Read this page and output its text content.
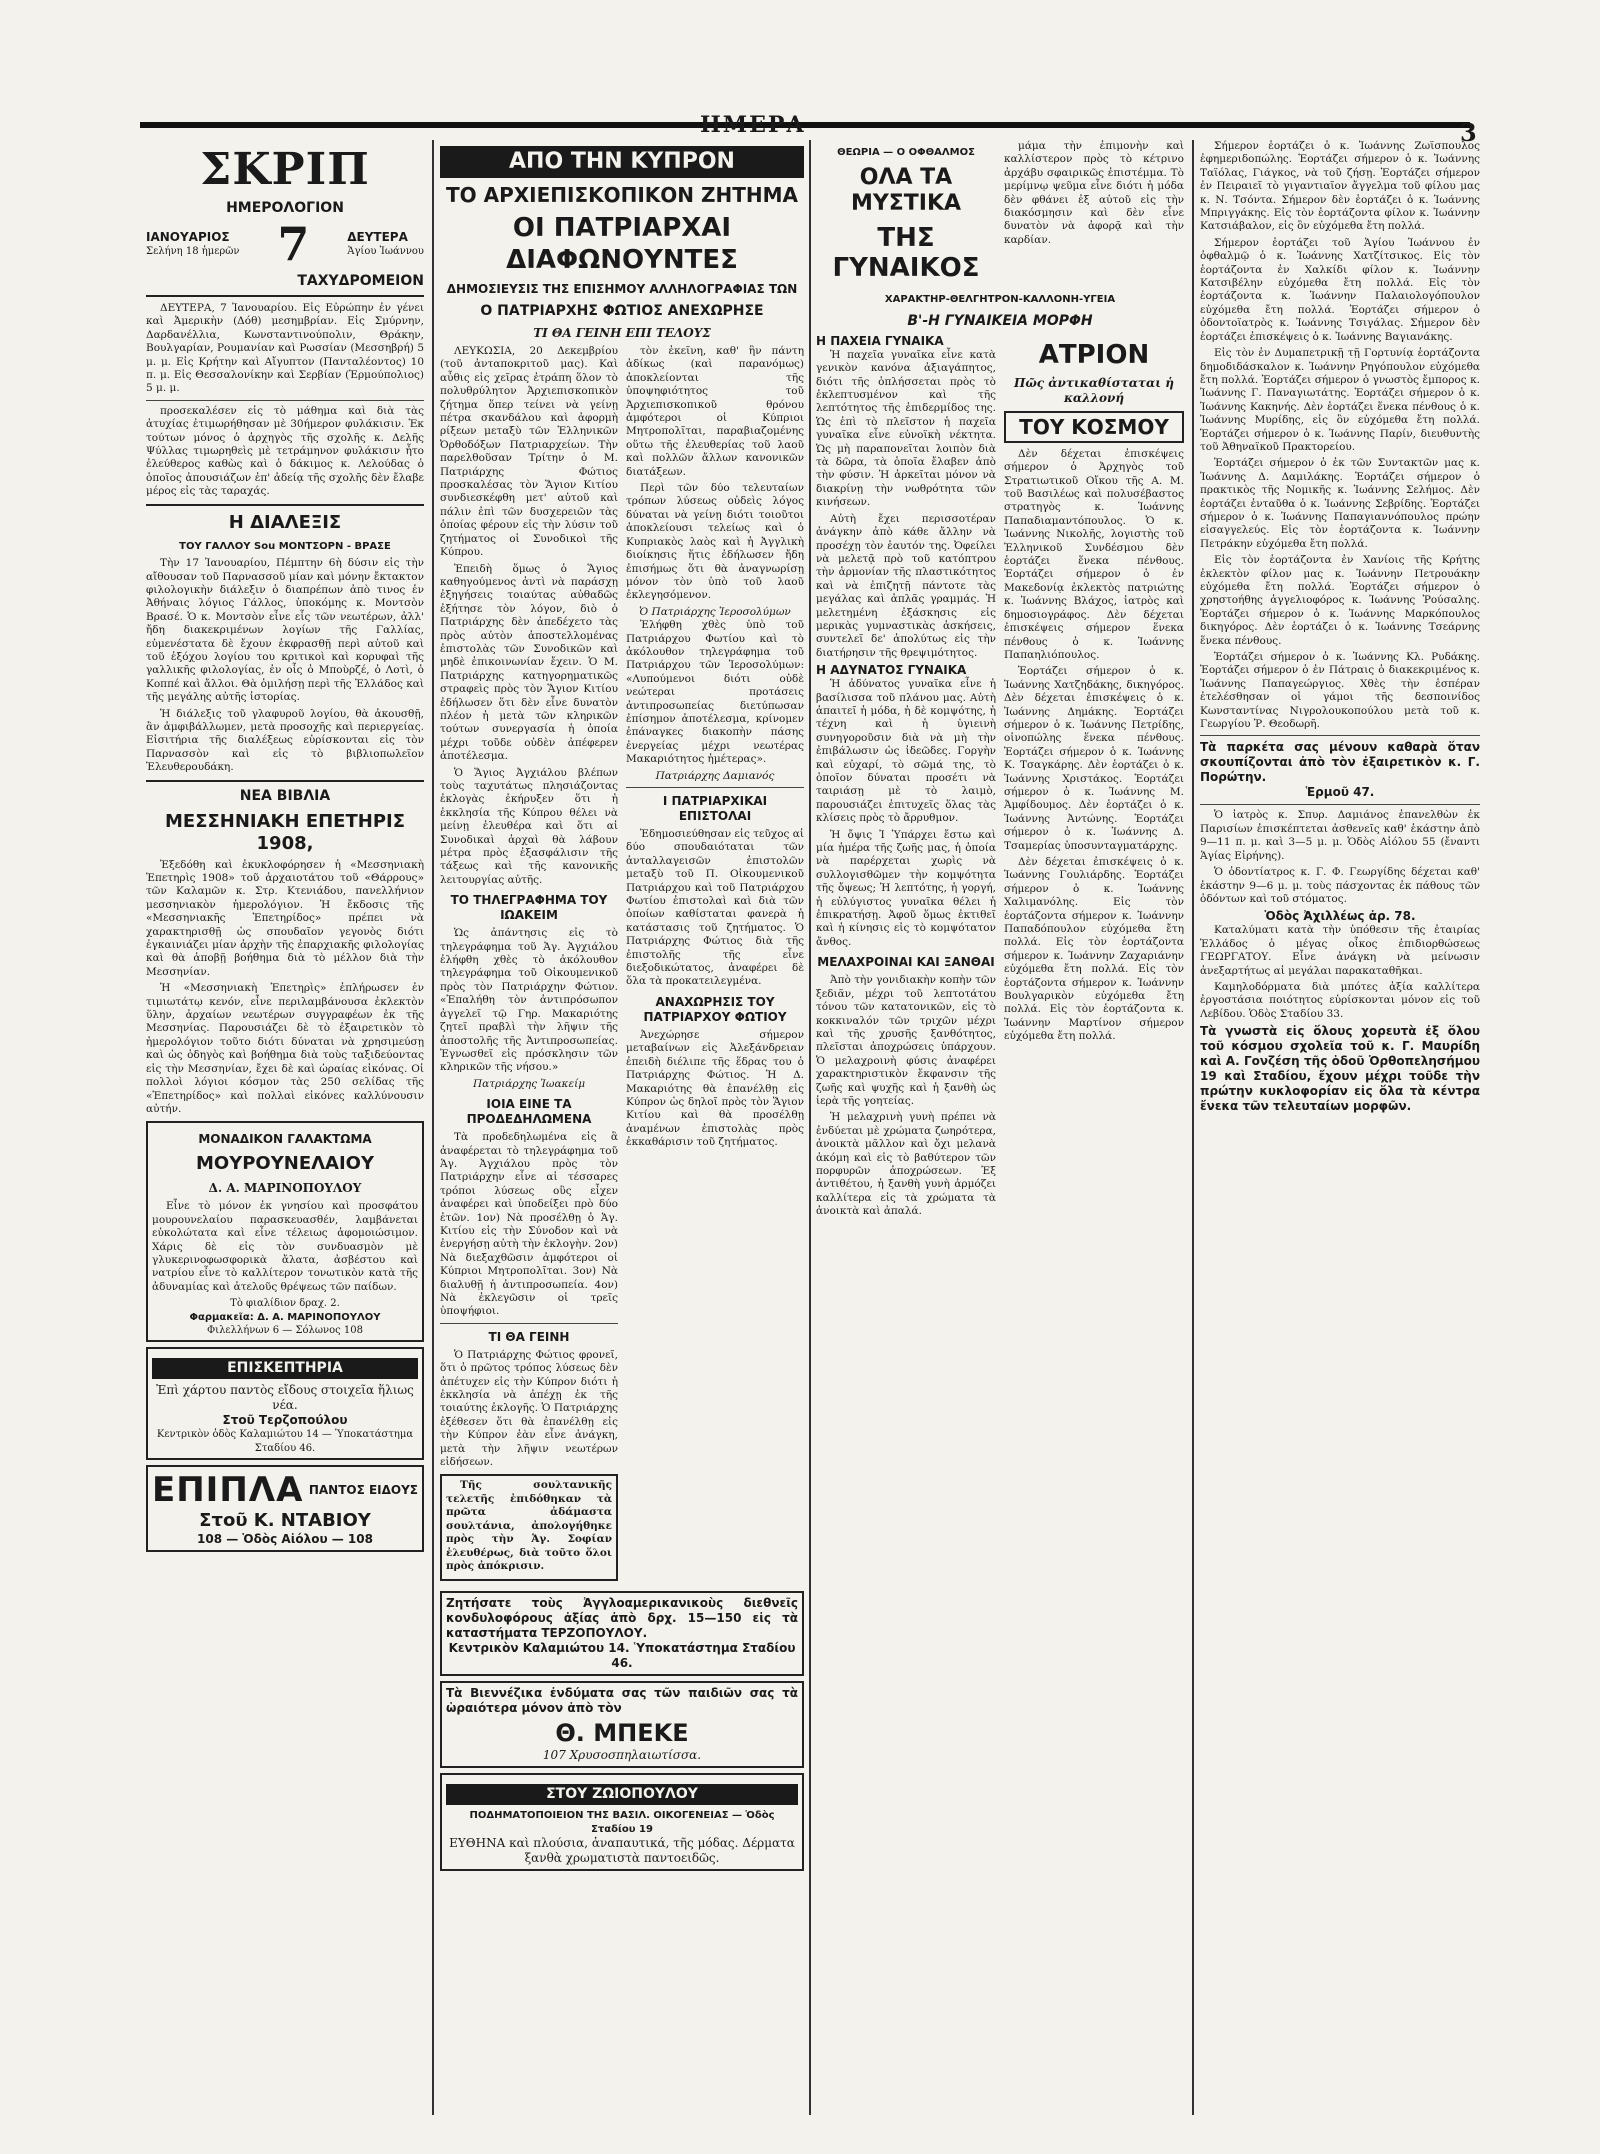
ΗΜΕΡΑ	3
ΣΚΡΙΠ
ΗΜΕΡΟΛΟΓΙΟΝ
ΙΑΝΟΥΑΡΙΟΣ
Σελήνη 18 ἡμερῶν 7	ΔΕΥΤΕΡΑ
Ἁγίου Ἰωάννου
ΤΑΧΥΔΡΟΜΕΙΟΝ

ΔΕΥΤΕΡΑ, 7 Ἰανουαρίου. Εἰς Εὐρώπην ἐν γένει καὶ Ἀμερικὴν (Δόθ) μεσημβρίαν. Εἰς Σμύρνην, Δαρδανέλλια, Κωνσταντινούπολιν, Θράκην, Βουλγαρίαν, Ρουμανίαν καὶ Ρωσσίαν (Μεσσηβρή) 5 μ. μ. Εἰς Κρήτην καὶ Αἴγυπτον (Πανταλέοντος) 10 π. μ. Εἰς Θεσσαλονίκην καὶ Σερβίαν (Ἑρμούπολιος) 5 μ. μ.

προσεκαλέσεν εἰς τὸ μάθημα καὶ διὰ τὰς ἀτυχίας ἐτιμωρήθησαν μὲ 30ήμερον φυλάκισιν. Ἐκ τούτων μόνος ὁ ἀρχηγὸς τῆς σχολῆς κ. Δελῆς Ψύλλας τιμωρηθεὶς μὲ τετράμηνον φυλάκισιν ἦτο ἐλεύθερος καθὼς καὶ ὁ δάκιμος κ. Λελούδας ὁ ὁποῖος ἀπουσιάζων ἐπ' ἀδείᾳ τῆς σχολῆς δὲν ἔλαβε μέρος εἰς τὰς ταραχάς.

Η ΔΙΑΛΕΞΙΣ
ΤΟΥ ΓΑΛΛΟΥ Sou ΜΟΝΤΣΟΡΝ - ΒΡΑΣΕ

Τὴν 17 Ἰανουαρίου, Πέμπτην 6ὴ δύσιν εἰς τὴν αἴθουσαν τοῦ Παρνασσοῦ μίαν καὶ μόνην ἔκτακτον φιλολογικὴν διάλεξιν ὁ διαπρέπων ἀπὸ τινος ἐν Ἀθήναις λόγιος Γάλλος, ὑποκόμης κ. Μοντσὸν Βρασέ. Ὁ κ. Μοντσὸν εἶνε εἷς τῶν νεωτέρων, ἀλλ' ἤδη διακεκριμένων λογίων τῆς Γαλλίας, εὐμενέστατα δὲ ἔχουν ἐκφρασθῇ περὶ αὐτοῦ καὶ τοῦ ἐξόχου λογίου του κριτικοὶ καὶ κορυφαὶ τῆς γαλλικῆς φιλολογίας, ἐν οἷς ὁ Μποὺρζέ, ὁ Λοτὶ, ὁ Κοππέ καὶ ἄλλοι. Θὰ ὁμιλήσῃ περὶ τῆς Ἑλλάδος καὶ τῆς μεγάλης αὐτῆς ἱστορίας.

Ἡ διάλεξις τοῦ γλαφυροῦ λογίου, θὰ ἀκουσθῇ, ἂν ἀμφιβάλλωμεν, μετὰ προσοχῆς καὶ περιεργείας. Εἰσιτήρια τῆς διαλέξεως εὑρίσκονται εἰς τὸν Παρνασσὸν καὶ εἰς τὸ βιβλιοπωλεῖον Ἐλευθερουδάκη.

ΝΕΑ ΒΙΒΛΙΑ
ΜΕΣΣΗΝΙΑΚΗ ΕΠΕΤΗΡΙΣ 1908,

Ἐξεδόθη καὶ ἐκυκλοφόρησεν ἡ «Μεσσηνιακὴ Ἐπετηρὶς 1908» τοῦ ἀρχαιοτάτου τοῦ «Θάρρους» τῶν Καλαμῶν κ. Στρ. Κτενιάδου, πανελλήνιον μεσσηνιακὸν ἡμερολόγιον. Ἡ ἔκδοσις τῆς «Μεσσηνιακῆς Ἐπετηρίδος» πρέπει νὰ χαρακτηρισθῇ ὡς σπουδαῖον γεγονὸς διότι ἐγκαινιάζει μίαν ἀρχὴν τῆς ἐπαρχιακῆς φιλολογίας καὶ θὰ ἀποβῇ βοήθημα διὰ τὸ μέλλον διὰ τὴν Μεσσηνίαν.

Ἡ «Μεσσηνιακὴ Ἐπετηρὶς» ἐπλήρωσεν ἐν τιμιωτάτῳ κενόν, εἶνε περιλαμβάνουσα ἐκλεκτὸν ὕλην, ἀρχαίων νεωτέρων συγγραφέων ἐκ τῆς Μεσσηνίας. Παρουσιάζει δὲ τὸ ἐξαιρετικὸν τὸ ἡμερολόγιον τοῦτο διότι δύναται νὰ χρησιμεύσῃ καὶ ὡς ὁδηγὸς καὶ βοήθημα διὰ τοὺς ταξιδεύοντας εἰς τὴν Μεσσηνίαν, ἔχει δὲ καὶ ὡραίας εἰκόνας. Οἱ πολλοὶ λόγιοι κόσμον τὰς 250 σελίδας τῆς «Ἐπετηρίδος» καὶ πολλαὶ εἰκόνες καλλύνουσιν αὐτήν.

ΜΟΝΑΔΙΚΟΝ ΓΑΛΑΚΤΩΜΑ
ΜΟΥΡΟΥΝΕΛΑΙΟΥ
Δ. Α. ΜΑΡΙΝΟΠΟΥΛΟΥ

Εἶνε τὸ μόνον ἐκ γνησίου καὶ προσφάτου μουρουνελαίου παρασκευασθέν, λαμβάνεται εὐκολώτατα καὶ εἶνε τέλειως ἀφομοιώσιμον. Χάρις δὲ εἰς τὸν συνδυασμὸν μὲ γλυκερινοφωσφορικὰ ἄλατα, ἀσβέστου καὶ νατρίου εἶνε τὸ καλλίτερον τονωτικὸν κατὰ τῆς ἀδυναμίας καὶ ἀτελοῦς θρέψεως τῶν παίδων.

Τὸ φιαλίδιον δραχ. 2.
Φαρμακεῖα: Δ. Α. ΜΑΡΙΝΟΠΟΥΛΟΥ
Φιλελλήνων 6 — Σόλωνος 108
ΕΠΙΣΚΕΠΤΗΡΙΑ
Ἐπὶ χάρτου παντὸς εἴδους στοιχεῖα ἥλιως νέα.
Στοῦ Τερζοπούλου
Κεντρικὸν ὁδὸς Καλαμιώτου 14 — Ὑποκατάστημα Σταδίου 46.
ΕΠΙΠΛΑ ΠΑΝΤΟΣ ΕΙΔΟΥΣ
Στοῦ Κ. ΝΤΑΒΙΟΥ
108 — Ὁδὸς Αἰόλου — 108
ΑΠΟ ΤΗΝ ΚΥΠΡΟΝ
ΤΟ ΑΡΧΙΕΠΙΣΚΟΠΙΚΟΝ ΖΗΤΗΜΑ
ΟΙ ΠΑΤΡΙΑΡΧΑΙ ΔΙΑΦΩΝΟΥΝΤΕΣ
ΔΗΜΟΣΙΕΥΣΙΣ ΤΗΣ ΕΠΙΣΗΜΟΥ ΑΛΛΗΛΟΓΡΑΦΙΑΣ ΤΩΝ
Ο ΠΑΤΡΙΑΡΧΗΣ ΦΩΤΙΟΣ ΑΝΕΧΩΡΗΣΕ
ΤΙ ΘΑ ΓΕΙΝΗ ΕΠΙ ΤΕΛΟΥΣ

ΛΕΥΚΩΣΙΑ, 20 Δεκεμβρίου (τοῦ ἀνταποκριτοῦ μας). Καὶ αὖθις εἰς χεῖρας ἐτράπη ὅλον τὸ πολυθρύλητον Ἀρχιεπισκοπικὸν ζήτημα ὅπερ τείνει νὰ γείνῃ πέτρα σκανδάλου καὶ ἀφορμὴ ρίξεων μεταξὺ τῶν Ἑλληνικῶν Ὀρθοδόξων Πατριαρχείων. Τὴν παρελθοῦσαν Τρίτην ὁ Μ. Πατριάρχης Φώτιος προσκαλέσας τὸν Ἅγιον Κιτίου συνδιεσκέφθη μετ' αὐτοῦ καὶ πάλιν ἐπὶ τῶν δυσχερειῶν τὰς ὁποίας φέρουν εἰς τὴν λύσιν τοῦ ζητήματος οἱ Συνοδικοὶ τῆς Κύπρου.

Ἐπειδὴ ὅμως ὁ Ἅγιος καθηγούμενος ἀντὶ νὰ παράσχῃ ἐξηγήσεις τοιαύτας αὐθαδῶς ἐξήτησε τὸν λόγον, διὸ ὁ Πατριάρχης δὲν ἀπεδέχετο τὰς πρὸς αὐτὸν ἀποστελλομένας ἐπιστολὰς τῶν Συνοδικῶν καὶ μηδὲ ἐπικοινωνίαν ἔχειν. Ὁ Μ. Πατριάρχης κατηγορηματικῶς στραφεὶς πρὸς τὸν Ἅγιον Κιτίου ἐδήλωσεν ὅτι δὲν εἶνε δυνατὸν πλέον ἡ μετὰ τῶν κληρικῶν τούτων συνεργασία ἡ ὁποία μέχρι τοῦδε οὐδὲν ἀπέφερεν ἀποτέλεσμα.

Ὁ Ἅγιος Ἀγχιάλου βλέπων τοὺς ταχυτάτως πλησιάζοντας ἐκλογὰς ἐκήρυξεν ὅτι ἡ ἐκκλησία τῆς Κύπρου θέλει νὰ μείνῃ ἐλευθέρα καὶ ὅτι αἱ Συνοδικαὶ ἀρχαὶ θὰ λάβουν μέτρα πρὸς ἐξασφάλισιν τῆς τάξεως καὶ τῆς κανονικῆς λειτουργίας αὐτῆς.

ΤΟ ΤΗΛΕΓΡΑΦΗΜΑ ΤΟΥ ΙΩΑΚΕΙΜ

Ὡς ἀπάντησις εἰς τὸ τηλεγράφημα τοῦ Ἁγ. Ἀγχιάλου ἐλήφθη χθὲς τὸ ἀκόλουθον τηλεγράφημα τοῦ Οἰκουμενικοῦ πρὸς τὸν Πατριάρχην Φώτιον. «Ἐπαλήθη τὸν ἀντιπρόσωπον ἀγγελεῖ τῷ Γηρ. Μακαριότης ζητεῖ πραβλὶ τὴν λῆψιν τῆς ἀποστολῆς τῆς Ἀντιπροσωπείας. Ἐγνωσθεῖ εἰς πρόσκλησιν τῶν κληρικῶν τῆς νήσου.»

Πατριάρχης Ἰωακείμ
ΙΟΙΑ ΕΙΝΕ ΤΑ ΠΡΟΔΕΔΗΛΩΜΕΝΑ

Τὰ προδεδηλωμένα εἰς ἃ ἀναφέρεται τὸ τηλεγράφημα τοῦ Ἁγ. Ἀγχιάλου πρὸς τὸν Πατριάρχην εἶνε αἱ τέσσαρες τρόποι λύσεως οὓς εἶχεν ἀναφέρει καὶ ὑποδείξει πρὸ δύο ἐτῶν. 1ον) Νὰ προσέλθῃ ὁ Ἁγ. Κιτίου εἰς τὴν Σύνοδον καὶ νὰ ἐνεργήσῃ αὐτὴ τὴν ἐκλογὴν. 2ον) Νὰ διεξαχθῶσιν ἀμφότεροι οἱ Κύπριοι Μητροπολῖται. 3ον) Νὰ διαλυθῇ ἡ ἀντιπροσωπεία. 4ον) Νὰ ἐκλεγῶσιν οἱ τρεῖς ὑποψήφιοι.

ΤΙ ΘΑ ΓΕΙΝΗ

Ὁ Πατριάρχης Φώτιος φρονεῖ, ὅτι ὁ πρῶτος τρόπος λύσεως δὲν ἀπέτυχεν εἰς τὴν Κύπρον διότι ἡ ἐκκλησία νὰ ἀπέχῃ ἐκ τῆς τοιαύτης ἐκλογῆς. Ὁ Πατριάρχης ἐξέθεσεν ὅτι θὰ ἐπανέλθῃ εἰς τὴν Κύπρον ἐὰν εἶνε ἀνάγκη, μετὰ τὴν λῆψιν νεωτέρων εἰδήσεων.

Τῆς σουλτανικῆς τελετῆς ἐπιδόθηκαν τὰ πρῶτα ἀδάμαστα σουλτάνια, ἀπολογήθηκε πρὸς τὴν Ἁγ. Σοφίαν ἐλευθέρως, διὰ τοῦτο ὅλοι πρὸς ἀπόκρισιν.

τὸν ἐκεῖνη, καθ' ἣν πάντη ἀδίκως (καὶ παρανόμως) ἀποκλείονται τῆς ὑποψηφιότητος τοῦ Ἀρχιεπισκοπικοῦ θρόνου ἀμφότεροι οἱ Κύπριοι Μητροπολῖται, παραβιαζομένης οὕτω τῆς ἐλευθερίας τοῦ λαοῦ καὶ πολλῶν ἄλλων κανονικῶν διατάξεων.

Περὶ τῶν δύο τελευταίων τρόπων λύσεως οὐδεὶς λόγος δύναται νὰ γείνῃ διότι τοιοῦτοι ἀποκλείουσι τελείως καὶ ὁ Κυπριακὸς λαὸς καὶ ἡ Ἀγγλικὴ διοίκησις ἥτις ἐδήλωσεν ἤδη ἐπισήμως ὅτι θὰ ἀναγνωρίσῃ μόνον τὸν ὑπὸ τοῦ λαοῦ ἐκλεγησόμενον.

Ὁ Πατριάρχης Ἱεροσολύμων

Ἐλήφθη χθὲς ὑπὸ τοῦ Πατριάρχου Φωτίου καὶ τὸ ἀκόλουθον τηλεγράφημα τοῦ Πατριάρχου τῶν Ἱεροσολύμων: «Λυπούμενοι διότι οὐδὲ νεώτεραι προτάσεις ἀντιπροσωπείας διετύπωσαν ἐπίσημον ἀποτέλεσμα, κρίνομεν ἐπάναγκες διακοπὴν πάσης ἐνεργείας μέχρι νεωτέρας Μακαριότητος ἡμέτερας».

Πατριάρχης Δαμιανός
Ι ΠΑΤΡΙΑΡΧΙΚΑΙ ΕΠΙΣΤΟΛΑΙ

Ἐδημοσιεύθησαν εἰς τεῦχος αἱ δύο σπουδαιόταται τῶν ἀνταλλαγεισῶν ἐπιστολῶν μεταξὺ τοῦ Π. Οἰκουμενικοῦ Πατριάρχου καὶ τοῦ Πατριάρχου Φωτίου ἐπιστολαὶ καὶ διὰ τῶν ὁποίων καθίσταται φανερὰ ἡ κατάστασις τοῦ ζητήματος. Ὁ Πατριάρχης Φώτιος διὰ τῆς ἐπιστολῆς τῆς εἶνε διεξοδικώτατος, ἀναφέρει δὲ ὅλα τὰ προκατειλεγμένα.

ΑΝΑΧΩΡΗΣΙΣ ΤΟΥ ΠΑΤΡΙΑΡΧΟΥ ΦΩΤΙΟΥ

Ἀνεχώρησε σήμερον μεταβαίνων εἰς Ἀλεξάνδρειαν ἐπειδὴ διέλιπε τῆς ἕδρας του ὁ Πατριάρχης Φώτιος. Ἡ Δ. Μακαριότης θὰ ἐπανέλθῃ εἰς Κύπρον ὡς δηλοῖ πρὸς τὸν Ἅγιον Κιτίου καὶ θὰ προσέλθῃ ἀναμένων ἐπιστολὰς πρὸς ἐκκαθάρισιν τοῦ ζητήματος.

Ζητήσατε τοὺς Ἀγγλοαμερικανικοὺς διεθνεῖς κονδυλοφόρους ἀξίας ἀπὸ δρχ. 15—150 εἰς τὰ καταστήματα ΤΕΡΖΟΠΟΥΛΟΥ.
Κεντρικὸν Καλαμιώτου 14. Ὑποκατάστημα Σταδίου 46.
Τὰ Βιεννέζικα ἐνδύματα σας τῶν παιδιῶν σας τὰ ὡραιότερα μόνον ἀπὸ τὸν
Θ. ΜΠΕΚΕ
107 Χρυσοσπηλαιωτίσσα.
ΣΤΟΥ ΖΩΙΟΠΟΥΛΟΥ
ΠΟΔΗΜΑΤΟΠΟΙΕΙΟΝ ΤΗΣ ΒΑΣΙΛ. ΟΙΚΟΓΕΝΕΙΑΣ — Ὁδὸς Σταδίου 19
ΕΥΘΗΝΑ καὶ πλούσια, ἀναπαυτικά, τῆς μόδας. Δέρματα ξανθὰ χρωματιστὰ παντοειδῶς.
ΘΕΩΡΙΑ — Ο ΟΦΘΑΛΜΟΣ
ΟΛΑ ΤΑ ΜΥΣΤΙΚΑ
ΤΗΣ ΓΥΝΑΙΚΟΣ

μάμα τὴν ἐπιμονὴν καὶ καλλίστερον πρὸς τὸ κέτρινο ἀρχάβυ σφαιρικῶς ἐπιστέμμα. Τὸ μερίμνῳ ψεῦμα εἶνε διότι ἡ μόδα δὲν φθάνει ἐξ αὐτοῦ εἰς τὴν διακόσμησιν καὶ δὲν εἶνε δυνατὸν νὰ ἀφορᾷ καὶ τὴν καρδίαν.

ΧΑΡΑΚΤΗΡ-ΘΕΛΓΗΤΡΟΝ-ΚΑΛΛΟΝΗ-ΥΓΕΙΑ
Β'-Η ΓΥΝΑΙΚΕΙΑ ΜΟΡΦΗ
Η ΠΑΧΕΙΑ ΓΥΝΑΙΚΑ

Ἡ παχεῖα γυναῖκα εἶνε κατὰ γενικὸν κανόνα ἀξιαγάπητος, διότι τῆς ὁπλήσσεται πρὸς τὸ ἐκλεπτυσμένον καὶ τῆς λεπτότητος τῆς ἐπιδερμίδος της. Ὡς ἐπὶ τὸ πλεῖστον ἡ παχεῖα γυναῖκα εἶνε εὐνοϊκὴ νέκτητα. Ὡς μὴ παραπονεῖται λοιπὸν διὰ τὰ δῶρα, τὰ ὁποῖα ἔλαβεν ἀπὸ τὴν φύσιν. Ἡ ἀρκεῖται μόνον νὰ διακρίνῃ τὴν νωθρότητα τῶν κινήσεων.

Αὐτὴ ἔχει περισσοτέραν ἀνάγκην ἀπὸ κάθε ἄλλην νὰ προσέχῃ τὸν ἑαυτόν της. Ὀφείλει νὰ μελετᾷ πρὸ τοῦ κατόπτρου τὴν ἁρμονίαν τῆς πλαστικότητος καὶ νὰ ἐπιζητῇ πάντοτε τὰς μεγάλας καὶ ἁπλᾶς γραμμάς. Ἡ μελετημένη ἐξάσκησις εἰς μερικὰς γυμναστικὰς ἀσκήσεις, συντελεῖ δε' ἀπολύτως εἰς τὴν διατήρησιν τῆς θρεψιμότητος.

Η ΑΔΥΝΑΤΟΣ ΓΥΝΑΙΚΑ

Ἡ ἀδύνατος γυναῖκα εἶνε ἡ βασίλισσα τοῦ πλάνου μας. Αὐτὴ ἀπαιτεῖ ἡ μόδα, ἡ δὲ κομψότης, ἡ τέχνη καὶ ἡ ὑγιεινὴ συνηγοροῦσιν διὰ νὰ μὴ τὴν ἐπιβάλωσιν ὡς ἰδεῶδες. Γοργὴν καὶ εὐχαρί, τὸ σῶμά της, τὸ ὁποῖον δύναται προσέτι νὰ ταιριάσῃ μὲ τὸ λαιμὸ, παρουσιάζει ἐπιτυχεῖς ὅλας τὰς κλίσεις πρὸς τὸ ἄρρυθμον.

Ἡ ὄψις Ἰ Ὑπάρχει ἔστω καὶ μία ἡμέρα τῆς ζωῆς μας, ἡ ὁποία νὰ παρέρχεται χωρὶς νὰ συλλογισθῶμεν τὴν κομψότητα τῆς ὄψεως; Ἡ λεπτότης, ἡ γοργή, ἡ εὐλύγιστος γυναῖκα θέλει ἡ ἐπικρατήσῃ. Ἀφοῦ ὅμως ἐκτιθεῖ καὶ ἡ κίνησις εἰς τὸ κομψότατον ἄνθος.

ΜΕΛΑΧΡΟΙΝΑΙ ΚΑΙ ΞΑΝΘΑΙ

Ἀπὸ τὴν γονιδιακὴν κοπὴν τῶν ξεδιᾶν, μέχρι τοῦ λεπτοτάτου τόνου τῶν κατατονικῶν, εἰς τὸ κοκκιναλόν τῶν τριχῶν μέχρι καὶ τῆς χρυσῆς ξανθότητος, πλεῖσται ἀποχρώσεις ὑπάρχουν. Ὁ μελαχροινὴ φύσις ἀναφέρει χαρακτηριστικὸν ἔκφανσιν τῆς ζωῆς καὶ ψυχῆς καὶ ἡ ξανθὴ ὡς ἱερὰ τῆς γοητείας.

Ἡ μελαχρινὴ γυνὴ πρέπει νὰ ἐνδύεται μὲ χρώματα ζωηρότερα, ἀνοικτὰ μᾶλλον καὶ ὄχι μελανὰ ἀκόμη καὶ εἰς τὸ βαθύτερον τῶν πορφυρῶν ἀποχρώσεων. Ἐξ ἀντιθέτου, ἡ ξανθὴ γυνὴ ἀρμόζει καλλίτερα εἰς τὰ χρώματα τὰ ἀνοικτὰ καὶ ἀπαλά.

ΑΤΡΙΟΝ
Πῶς ἀντικαθίσταται ἡ καλλονή
ΤΟΥ ΚΟΣΜΟΥ

Δὲν δέχεται ἐπισκέψεις σήμερον ὁ Ἀρχηγὸς τοῦ Στρατιωτικοῦ Οἴκου τῆς Α. Μ. τοῦ Βασιλέως καὶ πολυσέβαστος στρατηγὸς κ. Ἰωάννης Παπαδιαμαντόπουλος. Ὁ κ. Ἰωάννης Νικολῆς, λογιστὴς τοῦ Ἐλληνικοῦ Συνδέσμου δὲν ἑορτάζει ἕνεκα πένθους. Ἑορτάζει σήμερον ὁ ἐν Μακεδονίᾳ ἐκλεκτὸς πατριώτης κ. Ἰωάννης Βλάχος, ἰατρὸς καὶ δημοσιογράφος. Δὲν δέχεται ἐπισκέψεις σήμερον ἕνεκα πένθους ὁ κ. Ἰωάννης Παπαηλιόπουλος.

Ἑορτάζει σήμερον ὁ κ. Ἰωάννης Χατζηδάκης, δικηγόρος. Δὲν δέχεται ἐπισκέψεις ὁ κ. Ἰωάννης Δημάκης. Ἑορτάζει σήμερον ὁ κ. Ἰωάννης Πετρίδης, οἰνοπώλης ἕνεκα πένθους. Ἑορτάζει σήμερον ὁ κ. Ἰωάννης Κ. Τσαγκάρης. Δὲν ἑορτάζει ὁ κ. Ἰωάννης Χριστάκος. Ἑορτάζει σήμερον ὁ κ. Ἰωάννης Μ. Ἀμφίδουμος. Δὲν ἑορτάζει ὁ κ. Ἰωάννης Ἀντώνης. Ἑορτάζει σήμερον ὁ κ. Ἰωάννης Δ. Τσαμερίας ὑποσυνταγματάρχης.

Δὲν δέχεται ἐπισκέψεις ὁ κ. Ἰωάννης Γουλιάρδης. Ἑορτάζει σήμερον ὁ κ. Ἰωάννης Χαλιμανόλης. Εἰς τὸν ἑορτάζοντα σήμερον κ. Ἰωάννην Παπαδόπουλον εὐχόμεθα ἔτη πολλά. Εἰς τὸν ἑορτάζοντα σήμερον κ. Ἰωάννην Ζαχαριάνην εὐχόμεθα ἔτη πολλά. Εἰς τὸν ἑορτάζοντα σήμερον κ. Ἰωάννην Βουλγαρικὸν εὐχόμεθα ἔτη πολλά. Εἰς τὸν ἑορτάζοντα κ. Ἰωάννην Μαρτίνον σήμερον εὐχόμεθα ἔτη πολλά.

Σήμερον ἑορτάζει ὁ κ. Ἰωάννης Ζωϊσπουλος ἐφημεριδοπώλης. Ἑορτάζει σήμερον ὁ κ. Ἰωάννης Ταϊόλας, Γιάγκος, νὰ τοῦ ζήσῃ. Ἑορτάζει σήμερον ἐν Πειραιεῖ τὸ γιγαντιαῖον ἄγγελμα τοῦ φίλου μας κ. Ν. Τσόντα. Σήμερον δὲν ἑορτάζει ὁ κ. Ἰωάννης Μπριγγάκης. Εἰς τὸν ἑορτάζοντα φίλον κ. Ἰωάννην Κατσιάβαλον, εἰς ὃν εὐχόμεθα ἔτη πολλά.

Σήμερον ἑορτάζει τοῦ Ἁγίου Ἰωάννου ἐν ὀφθαλμῷ ὁ κ. Ἰωάννης Χατζίτσικος. Εἰς τὸν ἑορτάζοντα ἐν Χαλκίδι φίλον κ. Ἰωάννην Κατσιβέλην εὐχόμεθα ἔτη πολλά. Εἰς τὸν ἑορτάζοντα κ. Ἰωάννην Παλαιολογόπουλον εὐχόμεθα ἔτη πολλά. Ἑορτάζει σήμερον ὁ ὀδοντοϊατρὸς κ. Ἰωάννης Τσιγάλας. Σήμερον δὲν ἑορτάζει ἐπισκέψεις ὁ κ. Ἰωάννης Βαγιανάκης.

Εἰς τὸν ἐν Δυμαπετρικῇ τῇ Γορτυνίᾳ ἑορτάζοντα δημοδιδάσκαλον κ. Ἰωάννην Ρηγόπουλον εὐχόμεθα ἔτη πολλά. Ἑορτάζει σήμερον ὁ γνωστὸς ἔμπορος κ. Ἰωάννης Γ. Παναγιωτάτης. Ἑορτάζει σήμερον ὁ κ. Ἰωάννης Κακηνής. Δὲν ἑορτάζει ἕνεκα πένθους ὁ κ. Ἰωάννης Μυρίδης, εἰς ὃν εὐχόμεθα ἔτη πολλά. Ἑορτάζει σήμερον ὁ κ. Ἰωάννης Παρίν, διευθυντὴς τοῦ Ἀθηναϊκοῦ Πρακτορείου.

Ἑορτάζει σήμερον ὁ ἐκ τῶν Συντακτῶν μας κ. Ἰωάννης Δ. Δαμιλάκης. Ἑορτάζει σήμερον ὁ πρακτικὸς τῆς Νομικῆς κ. Ἰωάννης Σελήμος. Δὲν ἑορτάζει ἐνταῦθα ὁ κ. Ἰωάννης Σεβρίδης. Ἑορτάζει σήμερον ὁ κ. Ἰωάννης Παπαγιαννόπουλος πρώην εἰσαγγελεύς. Εἰς τὸν ἑορτάζοντα κ. Ἰωάννην Πετράκην εὐχόμεθα ἔτη πολλά.

Εἰς τὸν ἑορτάζοντα ἐν Χανίοις τῆς Κρήτης ἐκλεκτὸν φίλον μας κ. Ἰωάννην Πετρουάκην εὐχόμεθα ἔτη πολλά. Ἑορτάζει σήμερον ὁ χρηστοήθης ἀγγελιοφόρος κ. Ἰωάννης Ῥούσαλης. Ἑορτάζει σήμερον ὁ κ. Ἰωάννης Μαρκόπουλος δικηγόρος. Δὲν ἑορτάζει ὁ κ. Ἰωάννης Τσεάρνης ἕνεκα πένθους.

Ἑορτάζει σήμερον ὁ κ. Ἰωάννης Κλ. Ρυδάκης. Ἑορτάζει σήμερον ὁ ἐν Πάτραις ὁ διακεκριμένος κ. Ἰωάννης Παπαγεώργιος. Χθὲς τὴν ἑσπέραν ἐτελέσθησαν οἱ γάμοι τῆς δεσποινίδος Κωνσταντίνας Νιγρολουκοπούλου μετὰ τοῦ κ. Γεωργίου Ῥ. Θεοδωρῆ.

Τὰ παρκέτα σας μένουν καθαρὰ ὅταν σκουπίζονται ἀπὸ τὸν ἐξαιρετικὸν κ. Γ. Πορώτην.
Ἑρμοῦ 47.

Ὁ ἰατρὸς κ. Σπυρ. Δαμιάνος ἐπανελθὼν ἐκ Παρισίων ἐπισκέπτεται ἀσθενεῖς καθ' ἑκάστην ἀπὸ 9—11 π. μ. καὶ 3—5 μ. μ. Ὁδὸς Αἰόλου 55 (ἔναντι Ἁγίας Εἰρήνης).

Ὁ ὀδοντίατρος κ. Γ. Φ. Γεωργίδης δέχεται καθ' ἑκάστην 9—6 μ. μ. τοὺς πάσχοντας ἐκ πάθους τῶν ὀδόντων καὶ τοῦ στόματος.

Ὁδὸς Ἀχιλλέως ἀρ. 78.

Καταλύματι κατὰ τὴν ὑπόθεσιν τῆς ἐταιρίας Ἑλλάδος ὁ μέγας οἶκος ἐπιδιορθώσεως ΓΕΩΡΓΑΤΟΥ. Εἶνε ἀνάγκη νὰ μείνωσιν ἀνεξαρτήτως αἱ μεγάλαι παρακαταθῆκαι.

Καμηλοδόρματα διὰ μπότες ἀξία καλλίτερα ἐργοστάσια ποιότητος εὑρίσκονται μόνον εἰς τοῦ Λεβίδου. Ὁδὸς Σταδίου 33.

Τὰ γνωστὰ εἰς ὅλους χορευτὰ ἐξ ὅλου τοῦ κόσμου σχολεῖα τοῦ κ. Γ. Μαυρίδη καὶ Α. Γονζέση τῆς ὁδοῦ Ὀρθοπελησήμου 19 καὶ Σταδίου, ἔχουν μέχρι τοῦδε τὴν πρώτην κυκλοφορίαν εἰς ὅλα τὰ κέντρα ἔνεκα τῶν τελευταίων μορφῶν.
